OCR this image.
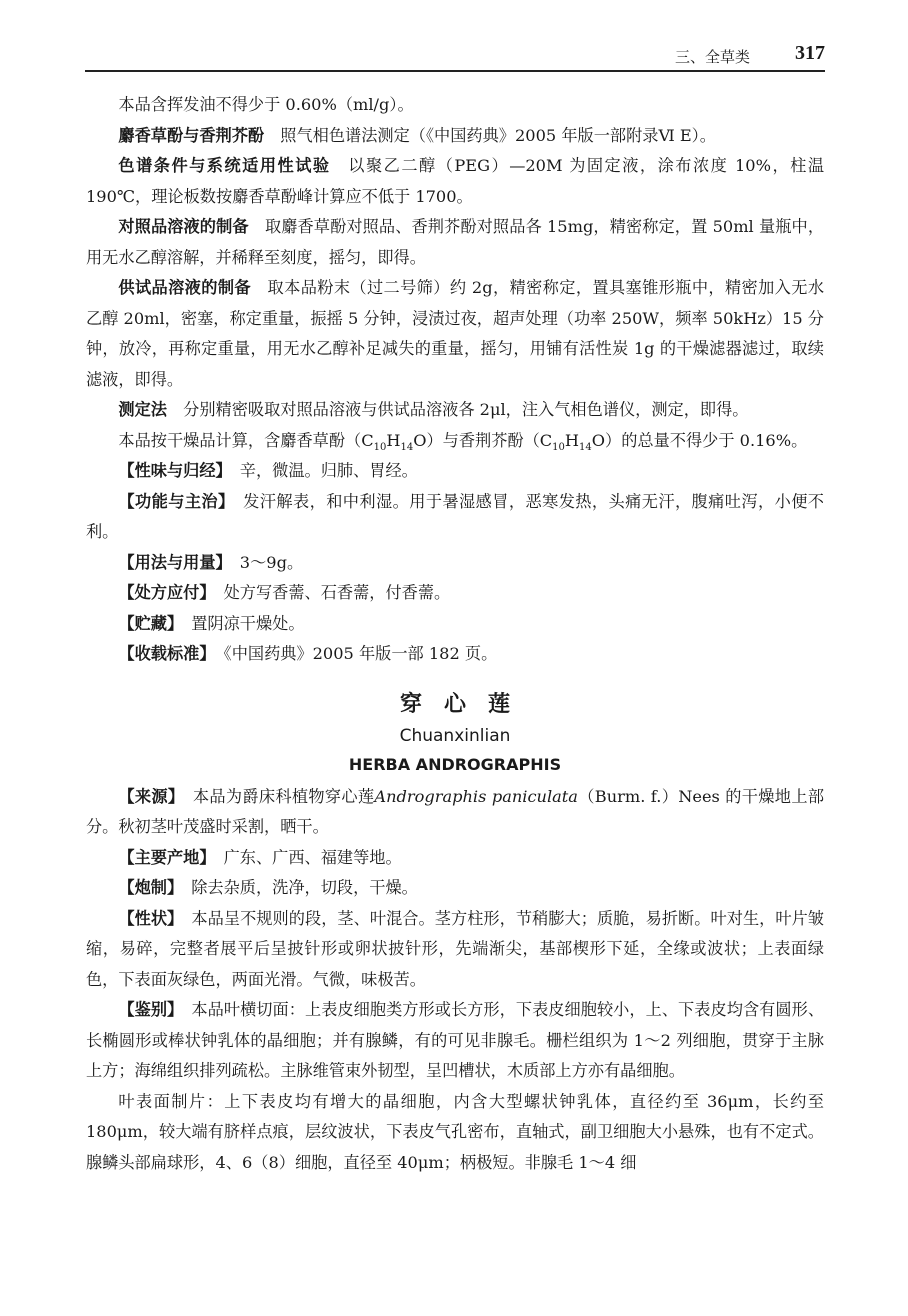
三、全草类 317

本品含挥发油不得少于 0.60%（ml/g）。

麝香草酚与香荆芥酚　 照气相色谱法测定（《中国药典》2005 年版一部附录Ⅵ E）。

色谱条件与系统适用性试验　 以聚乙二醇（PEG）—20M 为固定液，涂布浓度 10%，柱温 190℃，理论板数按麝香草酚峰计算应不低于 1700。

对照品溶液的制备　 取麝香草酚对照品、香荆芥酚对照品各 15mg，精密称定，置 50ml 量瓶中，用无水乙醇溶解，并稀释至刻度，摇匀，即得。

供试品溶液的制备　 取本品粉末（过二号筛）约 2g，精密称定，置具塞锥形瓶中，精密加入无水乙醇 20ml，密塞，称定重量，振摇 5 分钟，浸渍过夜，超声处理（功率 250W，频率 50kHz）15 分钟，放冷，再称定重量，用无水乙醇补足减失的重量，摇匀，用铺有活性炭 1g 的干燥滤器滤过，取续滤液，即得。

测定法　 分别精密吸取对照品溶液与供试品溶液各 2μl，注入气相色谱仪，测定，即得。

本品按干燥品计算，含麝香草酚$(C_{10}H_{14}O)$与香荆芥酚$(C_{10}H_{14}O)$的总量不得少于 0.16%。

【性味与归经】　 辛，微温。归肺、胃经。

【功能与主治】　 发汗解表，和中利湿。用于暑湿感冒，恶寒发热，头痛无汗，腹痛吐泻，小便不利。

【用法与用量】　 3～9g。

【处方应付】　 处方写香薷、石香薷，付香薷。

【贮藏】　 置阴凉干燥处。

【收载标准】　 《中国药典》2005 年版一部 182 页。

穿心莲

Chuanxinlian

HERBA ANDROGRAPHIS

【来源】　 本品为爵床科植物穿心莲Andrographis paniculata（Burm. f.）Nees 的干燥地上部分。秋初茎叶茂盛时采割，晒干。

【主要产地】　 广东、广西、福建等地。

【炮制】　 除去杂质，洗净，切段，干燥。

【性状】　 本品呈不规则的段，茎、叶混合。茎方柱形，节稍膨大；质脆，易折断。叶对生，叶片皱缩，易碎，完整者展平后呈披针形或卵状披针形，先端渐尖，基部楔形下延，全缘或波状；上表面绿色，下表面灰绿色，两面光滑。气微，味极苦。

【鉴别】　 本品叶横切面：上表皮细胞类方形或长方形，下表皮细胞较小，上、下表皮均含有圆形、长椭圆形或棒状钟乳体的晶细胞；并有腺鳞，有的可见非腺毛。栅栏组织为 1～2 列细胞，贯穿于主脉上方；海绵组织排列疏松。主脉维管束外韧型，呈凹槽状，木质部上方亦有晶细胞。

叶表面制片：上下表皮均有增大的晶细胞，内含大型螺状钟乳体，直径约至 36μm，长约至 180μm，较大端有脐样点痕，层纹波状，下表皮气孔密布，直轴式，副卫细胞大小悬殊，也有不定式。腺鳞头部扁球形，4、6（8）细胞，直径至 40μm；柄极短。非腺毛 1～4 细
